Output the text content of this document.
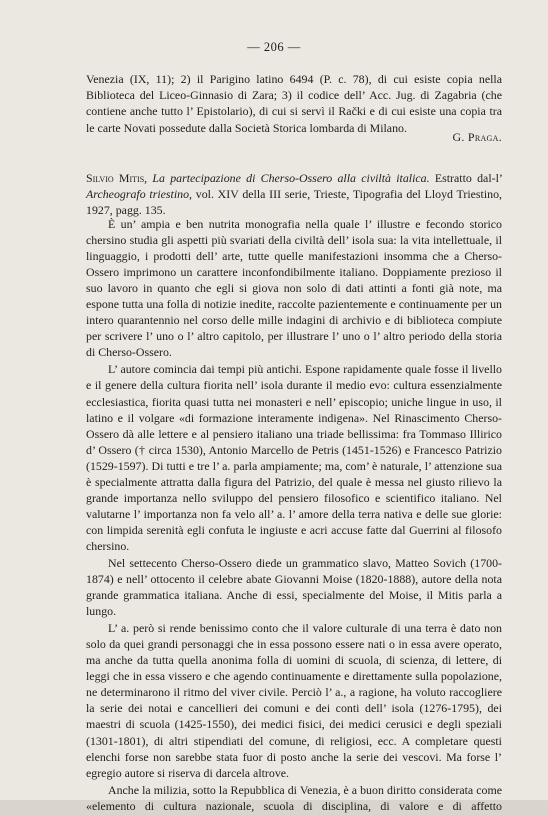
— 206 —

Venezia (IX, 11); 2) il Parigino latino 6494 (P. c. 78), di cui esiste copia nella Biblioteca del Liceo-Ginnasio di Zara; 3) il codice dell’ Acc. Jug. di Zagabria (che contiene anche tutto l’ Epistolario), di cui si servì il Rački e di cui esiste una copia tra le carte Novati possedute dalla Società Storica lombarda di Milano.

G. Praga.
Silvio Mitis, La partecipazione di Cherso-Ossero alla civiltà italica. Estratto dal-l’ Archeografo triestino, vol. XIV della III serie, Trieste, Tipografia del Lloyd Triestino, 1927, pagg. 135.

È un’ ampia e ben nutrita monografia nella quale l’ illustre e fecondo storico chersino studia gli aspetti più svariati della civiltà dell’ isola sua: la vita intellettuale, il linguaggio, i prodotti dell’ arte, tutte quelle manifestazioni insomma che a Cherso-Ossero imprimono un carattere inconfondibilmente italiano. Doppiamente prezioso il suo lavoro in quanto che egli si giova non solo di dati attinti a fonti già note, ma espone tutta una folla di notizie inedite, raccolte pazientemente e continuamente per un intero quarantennio nel corso delle mille indagini di archivio e di biblioteca compiute per scrivere l’ uno o l’ altro capitolo, per illustrare l’ uno o l’ altro periodo della storia di Cherso-Ossero.

L’ autore comincia dai tempi più antichi. Espone rapidamente quale fosse il livello e il genere della cultura fiorita nell’ isola durante il medio evo: cultura essenzialmente ecclesiastica, fiorita quasi tutta nei monasteri e nell’ episcopio; uniche lingue in uso, il latino e il volgare «di formazione interamente indigena». Nel Rinascimento Cherso-Ossero dà alle lettere e al pensiero italiano una triade bellissima: fra Tommaso Illirico d’ Ossero († circa 1530), Antonio Marcello de Petris (1451-1526) e Francesco Patrizio (1529-1597). Di tutti e tre l’ a. parla ampiamente; ma, com’ è naturale, l’ attenzione sua è specialmente attratta dalla figura del Patrizio, del quale è messa nel giusto rilievo la grande importanza nello sviluppo del pensiero filosofico e scientifico italiano. Nel valutarne l’ importanza non fa velo all’ a. l’ amore della terra nativa e delle sue glorie: con limpida serenità egli confuta le ingiuste e acri accuse fatte dal Guerrini al filosofo chersino.

Nel settecento Cherso-Ossero diede un grammatico slavo, Matteo Sovich (1700-1874) e nell’ ottocento il celebre abate Giovanni Moise (1820-1888), autore della nota grande grammatica italiana. Anche di essi, specialmente del Moise, il Mitis parla a lungo.

L’ a. però si rende benissimo conto che il valore culturale di una terra è dato non solo da quei grandi personaggi che in essa possono essere nati o in essa avere operato, ma anche da tutta quella anonima folla di uomini di scuola, di scienza, di lettere, di leggi che in essa vissero e che agendo continuamente e direttamente sulla popolazione, ne determinarono il ritmo del viver civile. Perciò l’ a., a ragione, ha voluto raccogliere la serie dei notai e cancellieri dei comuni e dei conti dell’ isola (1276-1795), dei maestri di scuola (1425-1550), dei medici fisici, dei medici cerusici e degli speziali (1301-1801), di altri stipendiati del comune, di religiosi, ecc. A completare questi elenchi forse non sarebbe stata fuor di posto anche la serie dei vescovi. Ma forse l’ egregio autore si riserva di darcela altrove.

Anche la milizia, sotto la Repubblica di Venezia, è a buon diritto considerata come «elemento di cultura nazionale, scuola di disciplina, di valore e di affetto
